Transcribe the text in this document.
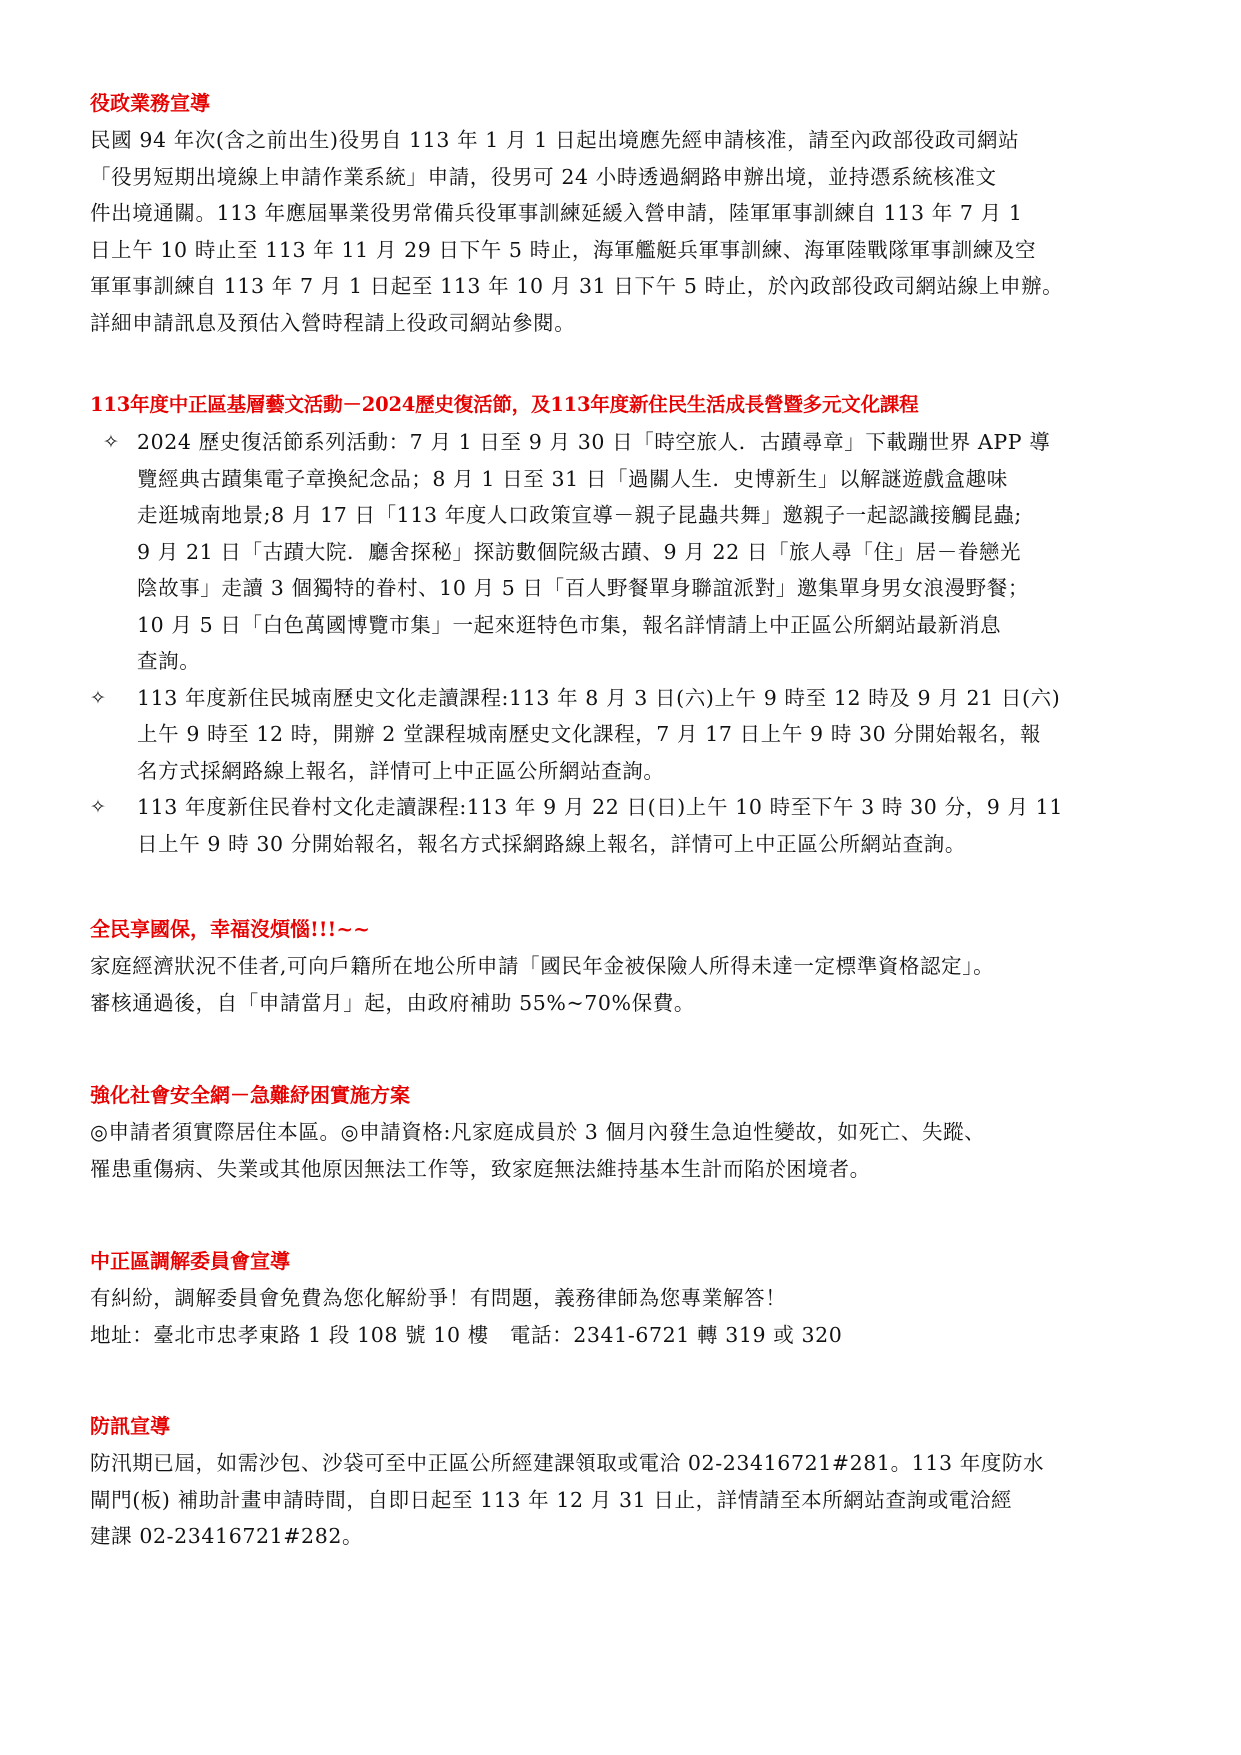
役政業務宣導
民國 94 年次(含之前出生)役男自 113 年 1 月 1 日起出境應先經申請核准，請至內政部役政司網站
「役男短期出境線上申請作業系統」申請，役男可 24 小時透過網路申辦出境，並持憑系統核准文
件出境通關。113 年應屆畢業役男常備兵役軍事訓練延緩入營申請，陸軍軍事訓練自 113 年 7 月 1
日上午 10 時止至 113 年 11 月 29 日下午 5 時止，海軍艦艇兵軍事訓練、海軍陸戰隊軍事訓練及空
軍軍事訓練自 113 年 7 月 1 日起至 113 年 10 月 31 日下午 5 時止，於內政部役政司網站線上申辦。
詳細申請訊息及預估入營時程請上役政司網站參閱。
113年度中正區基層藝文活動－2024歷史復活節，及113年度新住民生活成長營暨多元文化課程
✧ 2024 歷史復活節系列活動：7 月 1 日至 9 月 30 日「時空旅人．古蹟尋章」下載蹦世界 APP 導
覽經典古蹟集電子章換紀念品；8 月 1 日至 31 日「過關人生．史博新生」以解謎遊戲盒趣味
走逛城南地景;8 月 17 日「113 年度人口政策宣導－親子昆蟲共舞」邀親子一起認識接觸昆蟲;
9 月 21 日「古蹟大院．廳舍探秘」探訪數個院級古蹟、9 月 22 日「旅人尋「住」居－眷戀光
陰故事」走讀 3 個獨特的眷村、10 月 5 日「百人野餐單身聯誼派對」邀集單身男女浪漫野餐；
10 月 5 日「白色萬國博覽市集」一起來逛特色市集，報名詳情請上中正區公所網站最新消息
查詢。
✧ 113 年度新住民城南歷史文化走讀課程:113 年 8 月 3 日(六)上午 9 時至 12 時及 9 月 21 日(六)
上午 9 時至 12 時，開辦 2 堂課程城南歷史文化課程，7 月 17 日上午 9 時 30 分開始報名，報
名方式採網路線上報名，詳情可上中正區公所網站查詢。
✧ 113 年度新住民眷村文化走讀課程:113 年 9 月 22 日(日)上午 10 時至下午 3 時 30 分，9 月 11
日上午 9 時 30 分開始報名，報名方式採網路線上報名，詳情可上中正區公所網站查詢。
全民享國保，幸福沒煩惱!!!~~
家庭經濟狀況不佳者,可向戶籍所在地公所申請「國民年金被保險人所得未達一定標準資格認定」。
審核通過後，自「申請當月」起，由政府補助 55%~70%保費。
強化社會安全網－急難紓困實施方案
◎申請者須實際居住本區。◎申請資格:凡家庭成員於 3 個月內發生急迫性變故，如死亡、失蹤、
罹患重傷病、失業或其他原因無法工作等，致家庭無法維持基本生計而陷於困境者。
中正區調解委員會宣導
有糾紛，調解委員會免費為您化解紛爭！有問題，義務律師為您專業解答！
地址：臺北市忠孝東路 1 段 108 號 10 樓　電話：2341-6721 轉 319 或 320
防訊宣導
防汛期已屆，如需沙包、沙袋可至中正區公所經建課領取或電洽 02-23416721#281。113 年度防水
閘門(板) 補助計畫申請時間，自即日起至 113 年 12 月 31 日止，詳情請至本所網站查詢或電洽經
建課 02-23416721#282。
